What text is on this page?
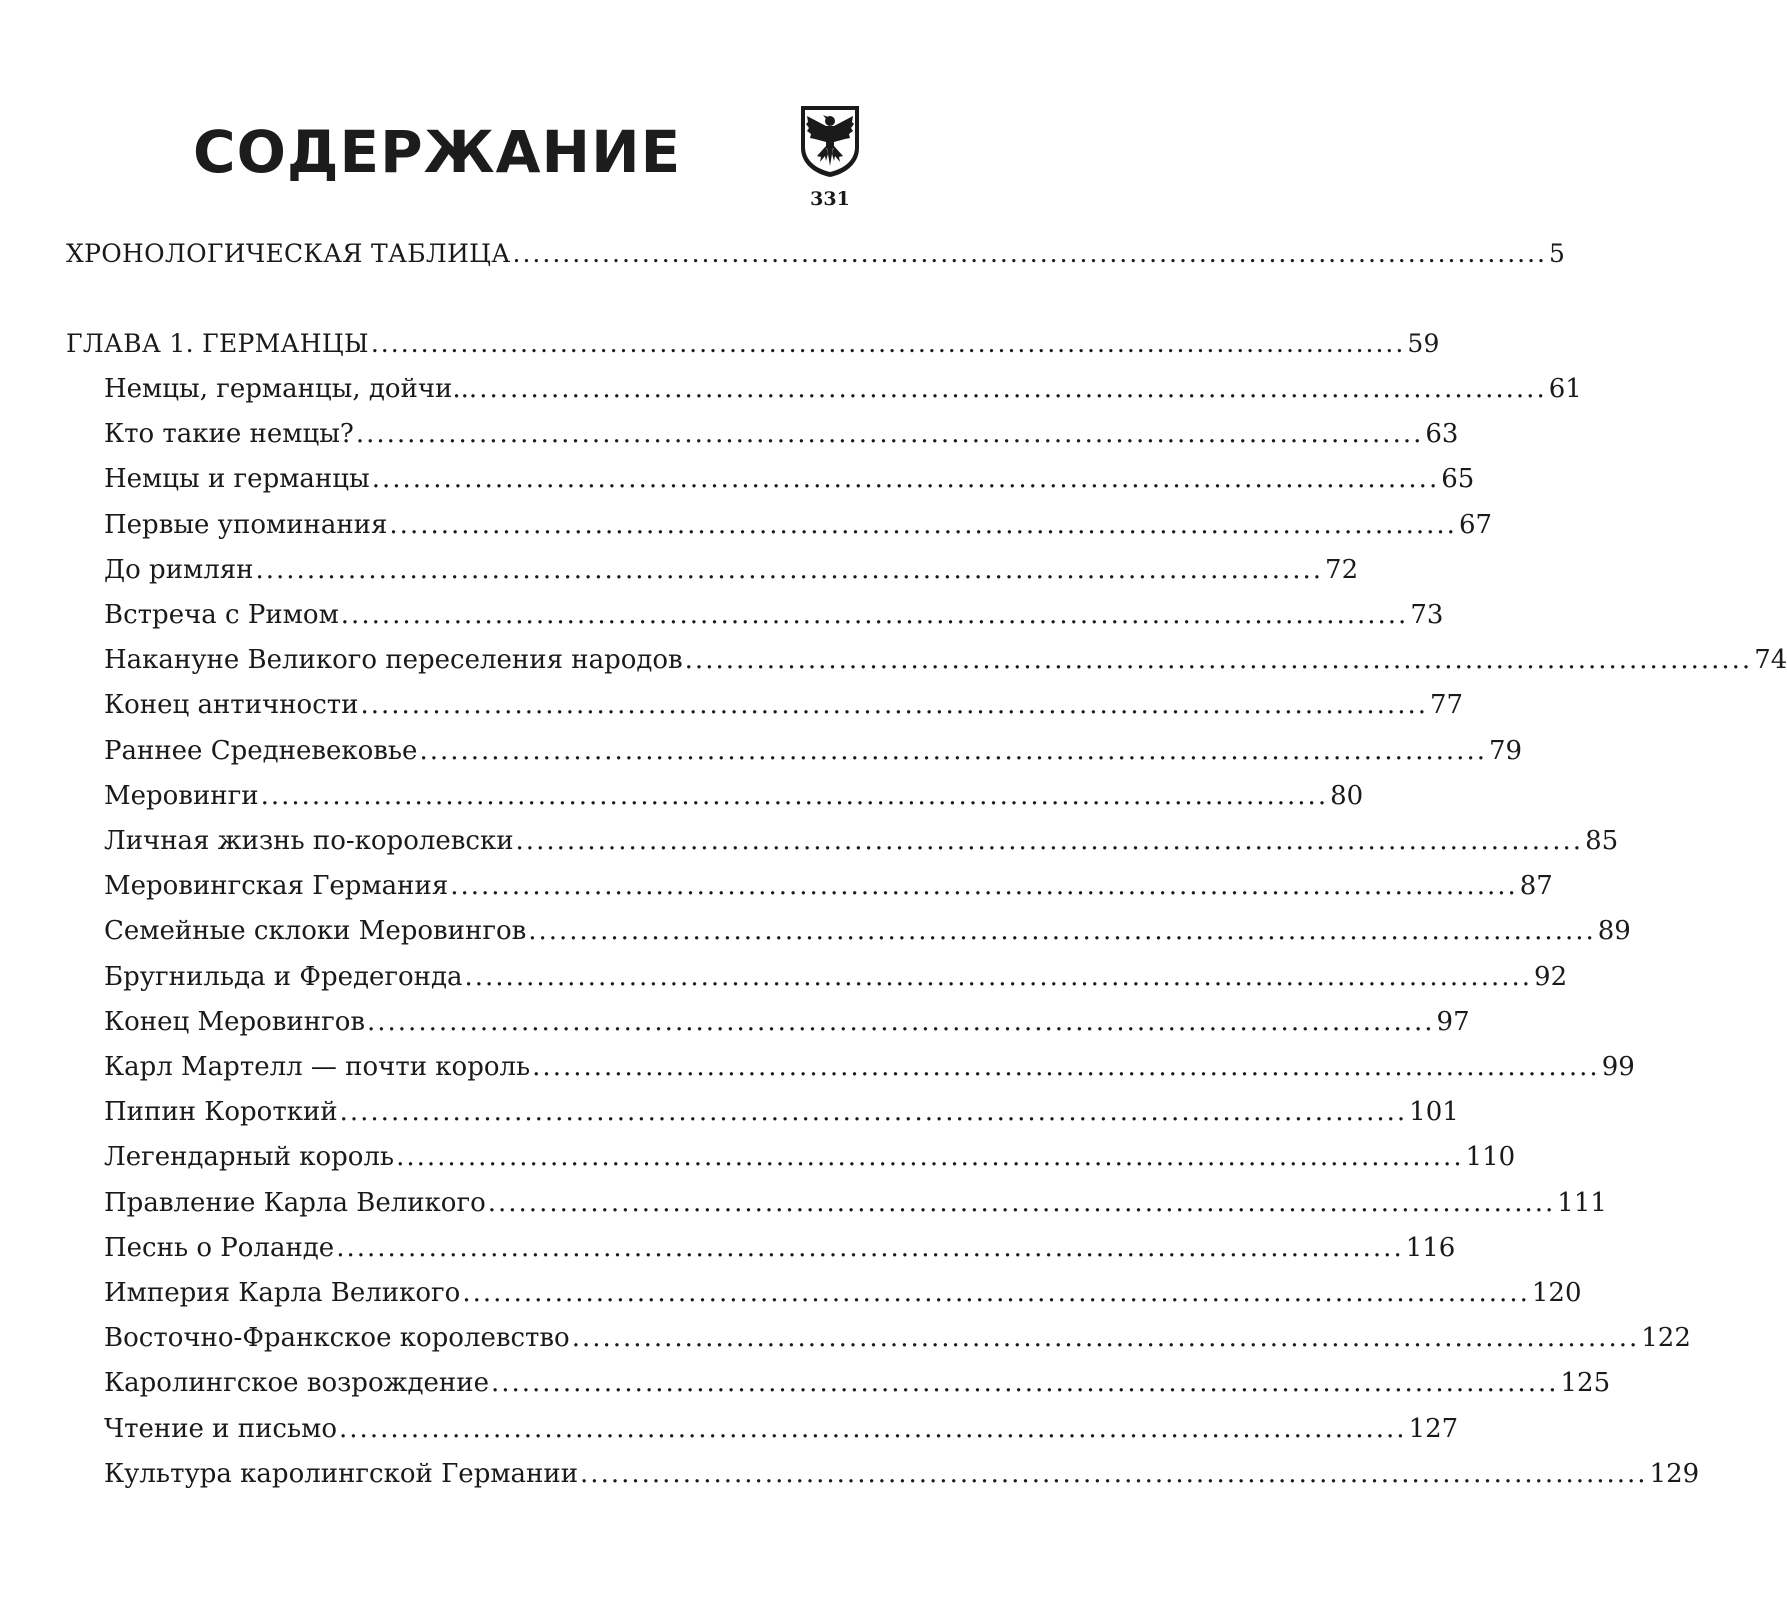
СОДЕРЖАНИЕ
331
ХРОНОЛОГИЧЕСКАЯ ТАБЛИЦА ........................................................................................................ 5
ГЛАВА 1. ГЕРМАНЦЫ ........................................................................................................ 59
Немцы, германцы, дойчи... ........................................................................................................ 61
Кто такие немцы? ........................................................................................................ 63
Немцы и германцы ........................................................................................................ 65
Первые упоминания ........................................................................................................ 67
До римлян ........................................................................................................ 72
Встреча с Римом ........................................................................................................ 73
Накануне Великого переселения народов ........................................................................................................ 74
Конец античности ........................................................................................................ 77
Раннее Средневековье ........................................................................................................ 79
Меровинги ........................................................................................................ 80
Личная жизнь по-королевски ........................................................................................................ 85
Меровингская Германия ........................................................................................................ 87
Семейные склоки Меровингов ........................................................................................................ 89
Бругнильда и Фредегонда ........................................................................................................ 92
Конец Меровингов ........................................................................................................ 97
Карл Мартелл — почти король ........................................................................................................ 99
Пипин Короткий ........................................................................................................ 101
Легендарный король ........................................................................................................ 110
Правление Карла Великого ........................................................................................................ 111
Песнь о Роланде ........................................................................................................ 116
Империя Карла Великого ........................................................................................................ 120
Восточно-Франкское королевство ........................................................................................................ 122
Каролингское возрождение ........................................................................................................ 125
Чтение и письмо ........................................................................................................ 127
Культура каролингской Германии ........................................................................................................ 129
